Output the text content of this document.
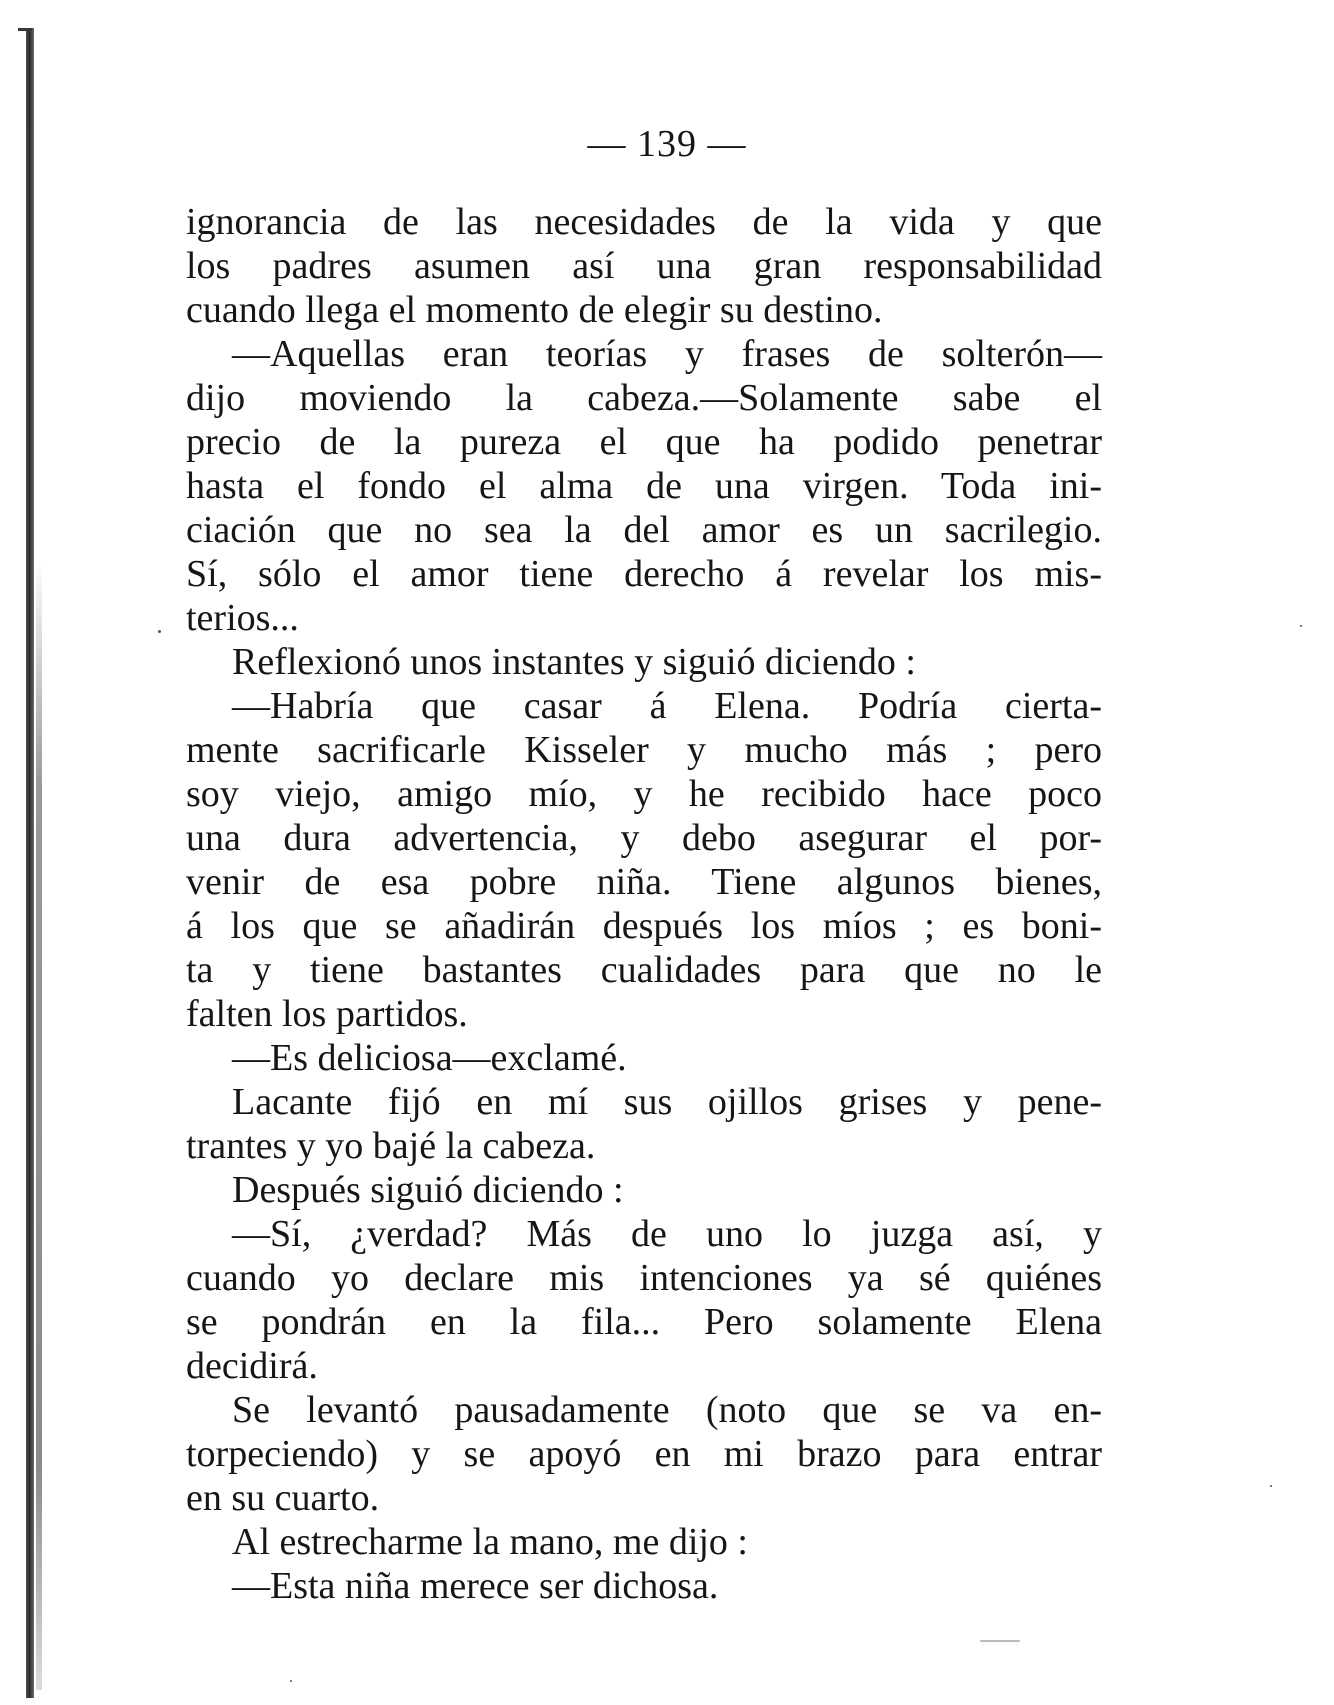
— 139 —
ignorancia de las necesidades de la vida y que
los padres asumen así una gran responsabilidad
cuando llega el momento de elegir su destino.
—Aquellas eran teorías y frases de solterón—
dijo moviendo la cabeza.—Solamente sabe el
precio de la pureza el que ha podido penetrar
hasta el fondo el alma de una virgen. Toda ini-
ciación que no sea la del amor es un sacrilegio.
Sí, sólo el amor tiene derecho á revelar los mis-
terios...
Reflexionó unos instantes y siguió diciendo :
—Habría que casar á Elena. Podría cierta-
mente sacrificarle Kisseler y mucho más ; pero
soy viejo, amigo mío, y he recibido hace poco
una dura advertencia, y debo asegurar el por-
venir de esa pobre niña. Tiene algunos bienes,
á los que se añadirán después los míos ; es boni-
ta y tiene bastantes cualidades para que no le
falten los partidos.
—Es deliciosa—exclamé.
Lacante fijó en mí sus ojillos grises y pene-
trantes y yo bajé la cabeza.
Después siguió diciendo :
—Sí, ¿verdad? Más de uno lo juzga así, y
cuando yo declare mis intenciones ya sé quiénes
se pondrán en la fila... Pero solamente Elena
decidirá.
Se levantó pausadamente (noto que se va en-
torpeciendo) y se apoyó en mi brazo para entrar
en su cuarto.
Al estrecharme la mano, me dijo :
—Esta niña merece ser dichosa.
